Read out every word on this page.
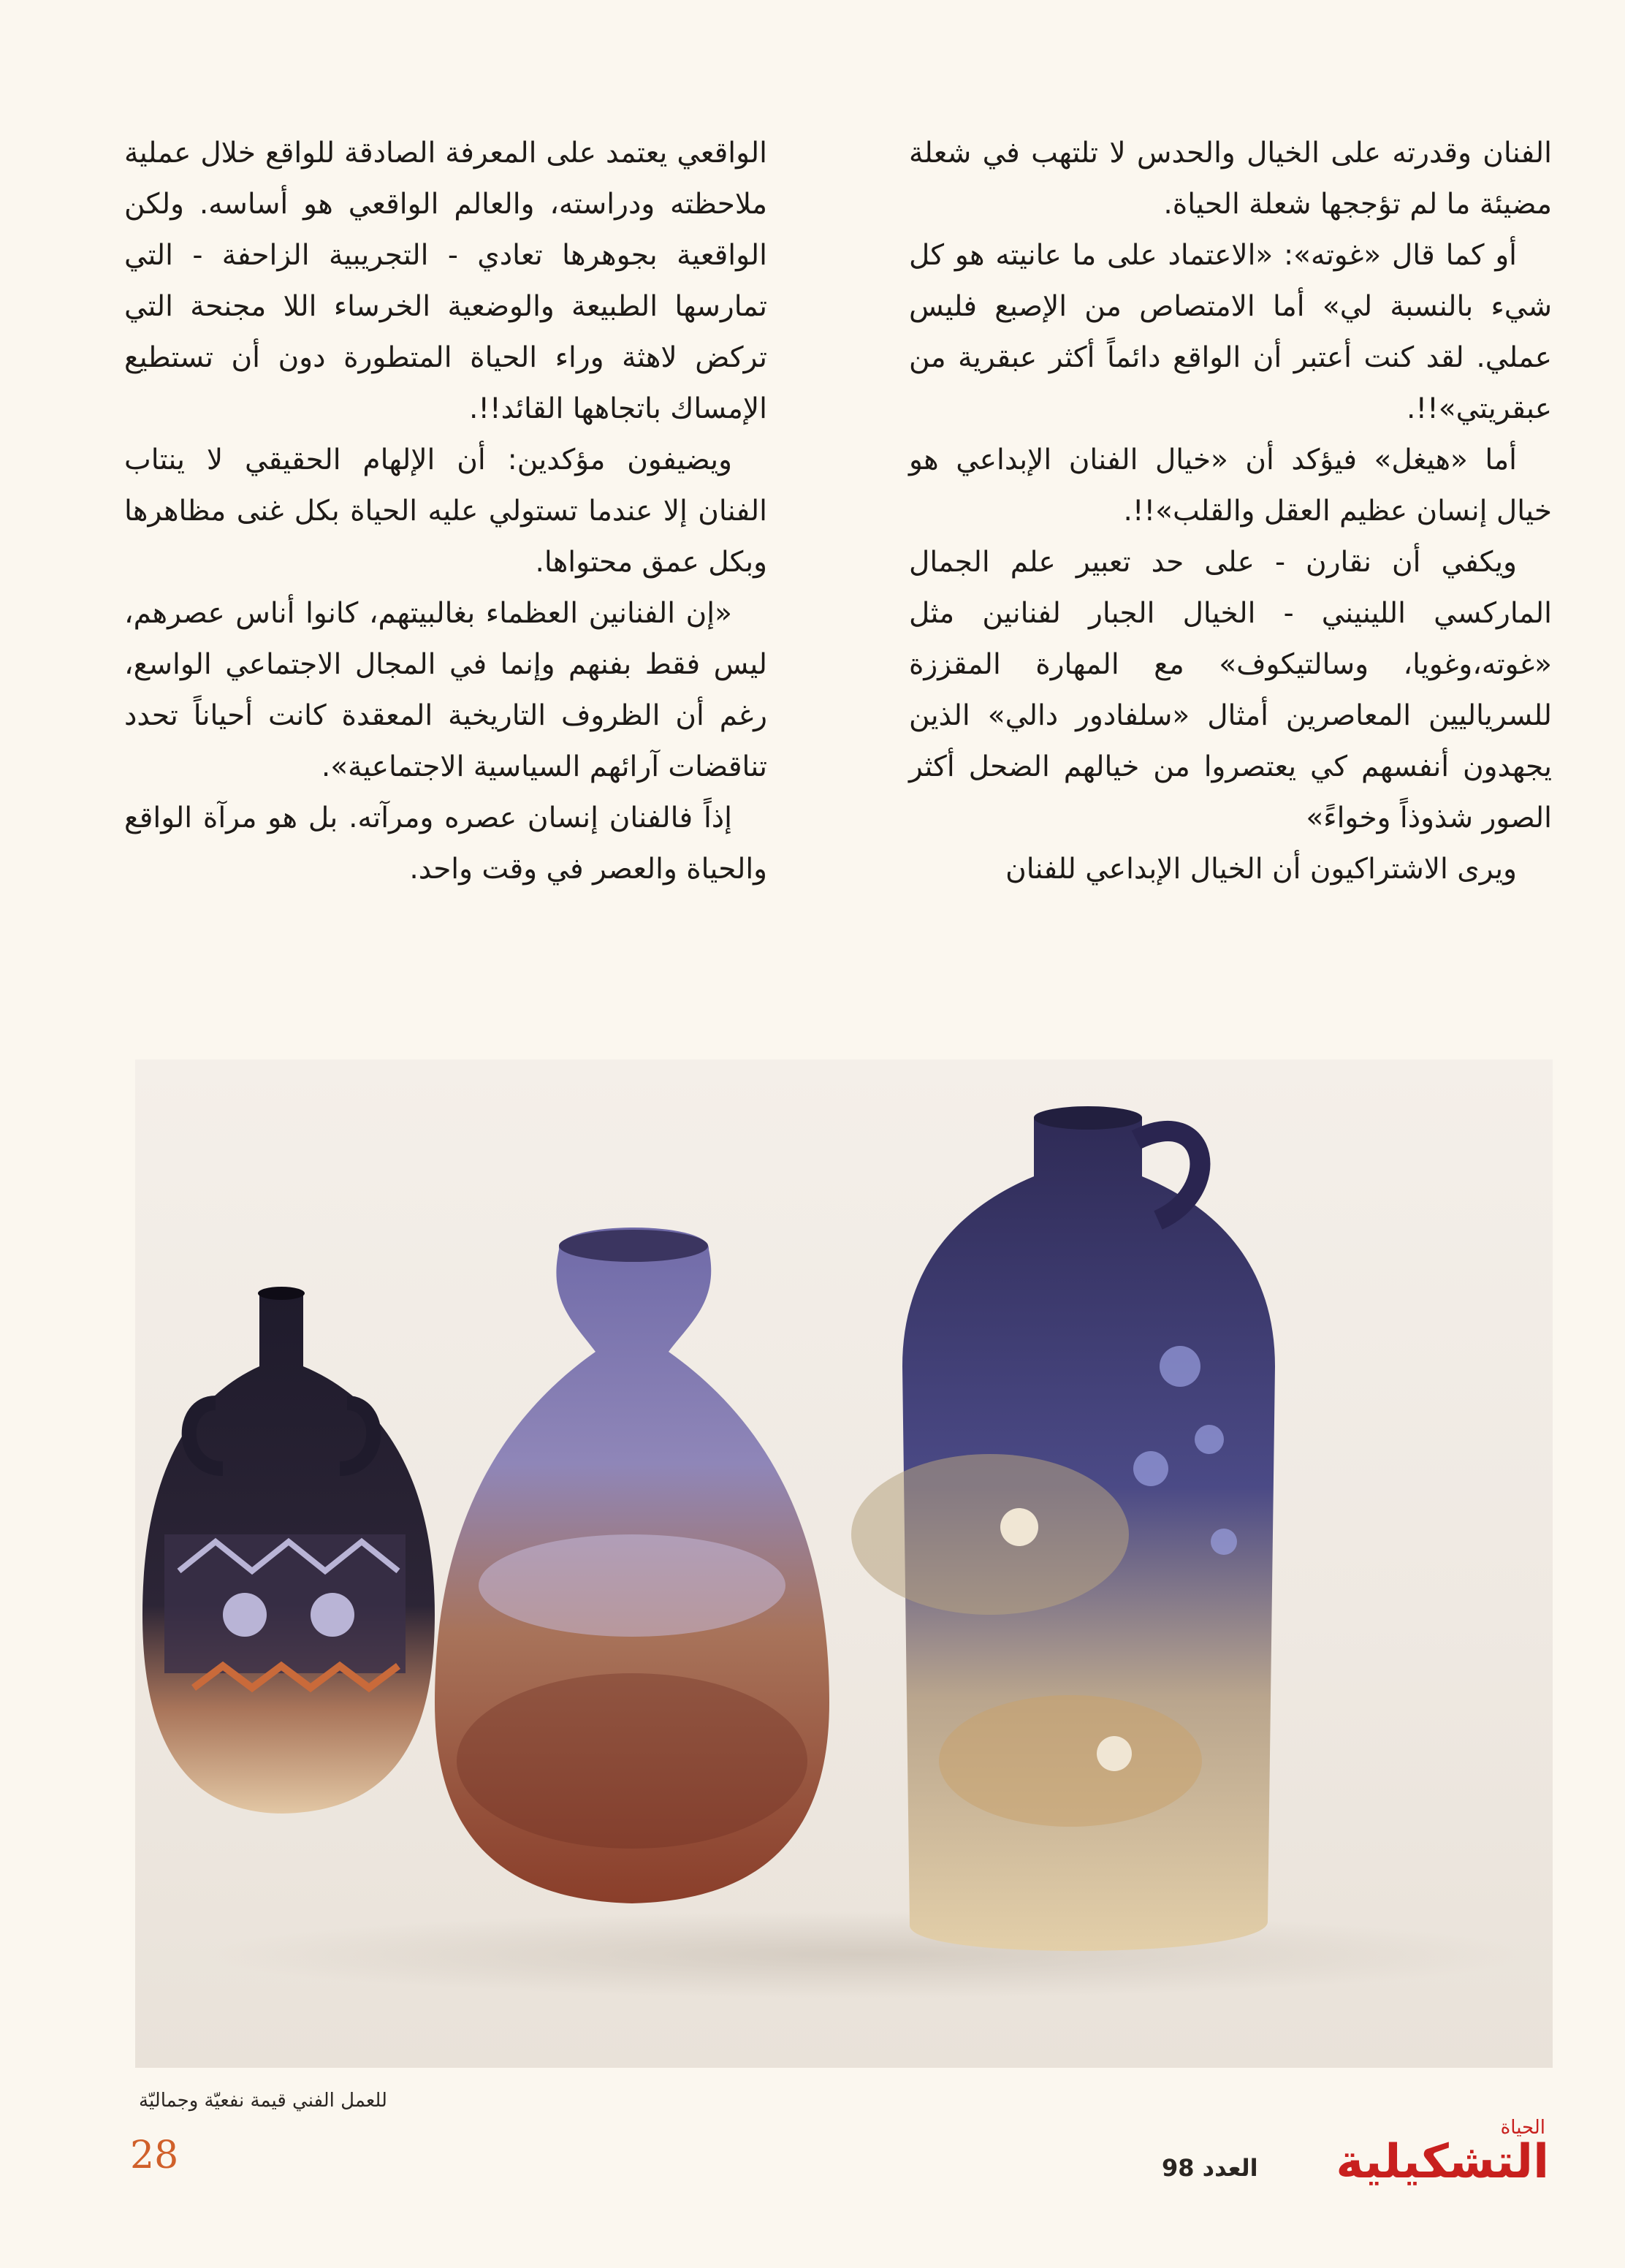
الفنان وقدرته على الخيال والحدس لا تلتهب في شعلة مضيئة ما لم تؤججها شعلة الحياة.

أو كما قال «غوته»: «الاعتماد على ما عانيته هو كل شيء بالنسبة لي» أما الامتصاص من الإصبع فليس عملي. لقد كنت أعتبر أن الواقع دائماً أكثر عبقرية من عبقريتي»!!.

أما «هيغل» فيؤكد أن «خيال الفنان الإبداعي هو خيال إنسان عظيم العقل والقلب»!!.

ويكفي أن نقارن - على حد تعبير علم الجمال الماركسي اللينيني - الخيال الجبار لفنانين مثل «غوته،وغويا، وسالتيكوف» مع المهارة المقززة للسرياليين المعاصرين أمثال «سلفادور دالي» الذين يجهدون أنفسهم كي يعتصروا من خيالهم الضحل أكثر الصور شذوذاً وخواءً»

ويرى الاشتراكيون أن الخيال الإبداعي للفنان

الواقعي يعتمد على المعرفة الصادقة للواقع خلال عملية ملاحظته ودراسته، والعالم الواقعي هو أساسه. ولكن الواقعية بجوهرها تعادي - التجريبية الزاحفة - التي تمارسها الطبيعة والوضعية الخرساء اللا مجنحة التي تركض لاهثة وراء الحياة المتطورة دون أن تستطيع الإمساك باتجاهها القائد!!.

ويضيفون مؤكدين: أن الإلهام الحقيقي لا ينتاب الفنان إلا عندما تستولي عليه الحياة بكل غنى مظاهرها وبكل عمق محتواها.

«إن الفنانين العظماء بغالبيتهم، كانوا أناس عصرهم، ليس فقط بفنهم وإنما في المجال الاجتماعي الواسع، رغم أن الظروف التاريخية المعقدة كانت أحياناً تحدد تناقضات آرائهم السياسية الاجتماعية».

إذاً فالفنان إنسان عصره ومرآته. بل هو مرآة الواقع والحياة والعصر في وقت واحد.

للعمل الفني قيمة نفعيّة وجماليّة
28	العدد 98
الحياة
التشكيلية
